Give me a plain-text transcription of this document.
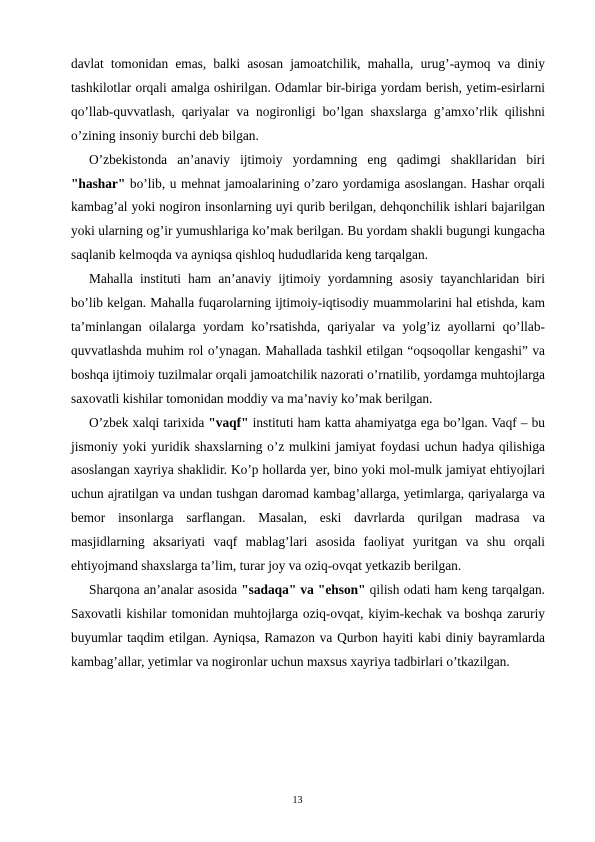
davlat tomonidan emas, balki asosan jamoatchilik, mahalla, urug’-aymoq va diniy tashkilotlar orqali amalga oshirilgan. Odamlar bir-biriga yordam berish, yetim-esirlarni qo’llab-quvvatlash, qariyalar va nogironligi bo’lgan shaxslarga g’amxo’rlik qilishni o’zining insoniy burchi deb bilgan.

O’zbekistonda an’anaviy ijtimoiy yordamning eng qadimgi shakllaridan biri "hashar" bo’lib, u mehnat jamoalarining o’zaro yordamiga asoslangan. Hashar orqali kambag’al yoki nogiron insonlarning uyi qurib berilgan, dehqonchilik ishlari bajarilgan yoki ularning og’ir yumushlariga ko’mak berilgan. Bu yordam shakli bugungi kungacha saqlanib kelmoqda va ayniqsa qishloq hududlarida keng tarqalgan.

Mahalla instituti ham an’anaviy ijtimoiy yordamning asosiy tayanchlaridan biri bo’lib kelgan. Mahalla fuqarolarning ijtimoiy-iqtisodiy muammolarini hal etishda, kam ta’minlangan oilalarga yordam ko’rsatishda, qariyalar va yolg’iz ayollarni qo’llab-quvvatlashda muhim rol o’ynagan. Mahallada tashkil etilgan “oqsoqollar kengashi” va boshqa ijtimoiy tuzilmalar orqali jamoatchilik nazorati o’rnatilib, yordamga muhtojlarga saxovatli kishilar tomonidan moddiy va ma’naviy ko’mak berilgan.

O’zbek xalqi tarixida "vaqf" instituti ham katta ahamiyatga ega bo’lgan. Vaqf – bu jismoniy yoki yuridik shaxslarning o’z mulkini jamiyat foydasi uchun hadya qilishiga asoslangan xayriya shaklidir. Ko’p hollarda yer, bino yoki mol-mulk jamiyat ehtiyojlari uchun ajratilgan va undan tushgan daromad kambag’allarga, yetimlarga, qariyalarga va bemor insonlarga sarflangan. Masalan, eski davrlarda qurilgan madrasa va masjidlarning aksariyati vaqf mablag’lari asosida faoliyat yuritgan va shu orqali ehtiyojmand shaxslarga ta’lim, turar joy va oziq-ovqat yetkazib berilgan.

Sharqona an’analar asosida "sadaqa" va "ehson" qilish odati ham keng tarqalgan. Saxovatli kishilar tomonidan muhtojlarga oziq-ovqat, kiyim-kechak va boshqa zaruriy buyumlar taqdim etilgan. Ayniqsa, Ramazon va Qurbon hayiti kabi diniy bayramlarda kambag’allar, yetimlar va nogironlar uchun maxsus xayriya tadbirlari o’tkazilgan.

13
